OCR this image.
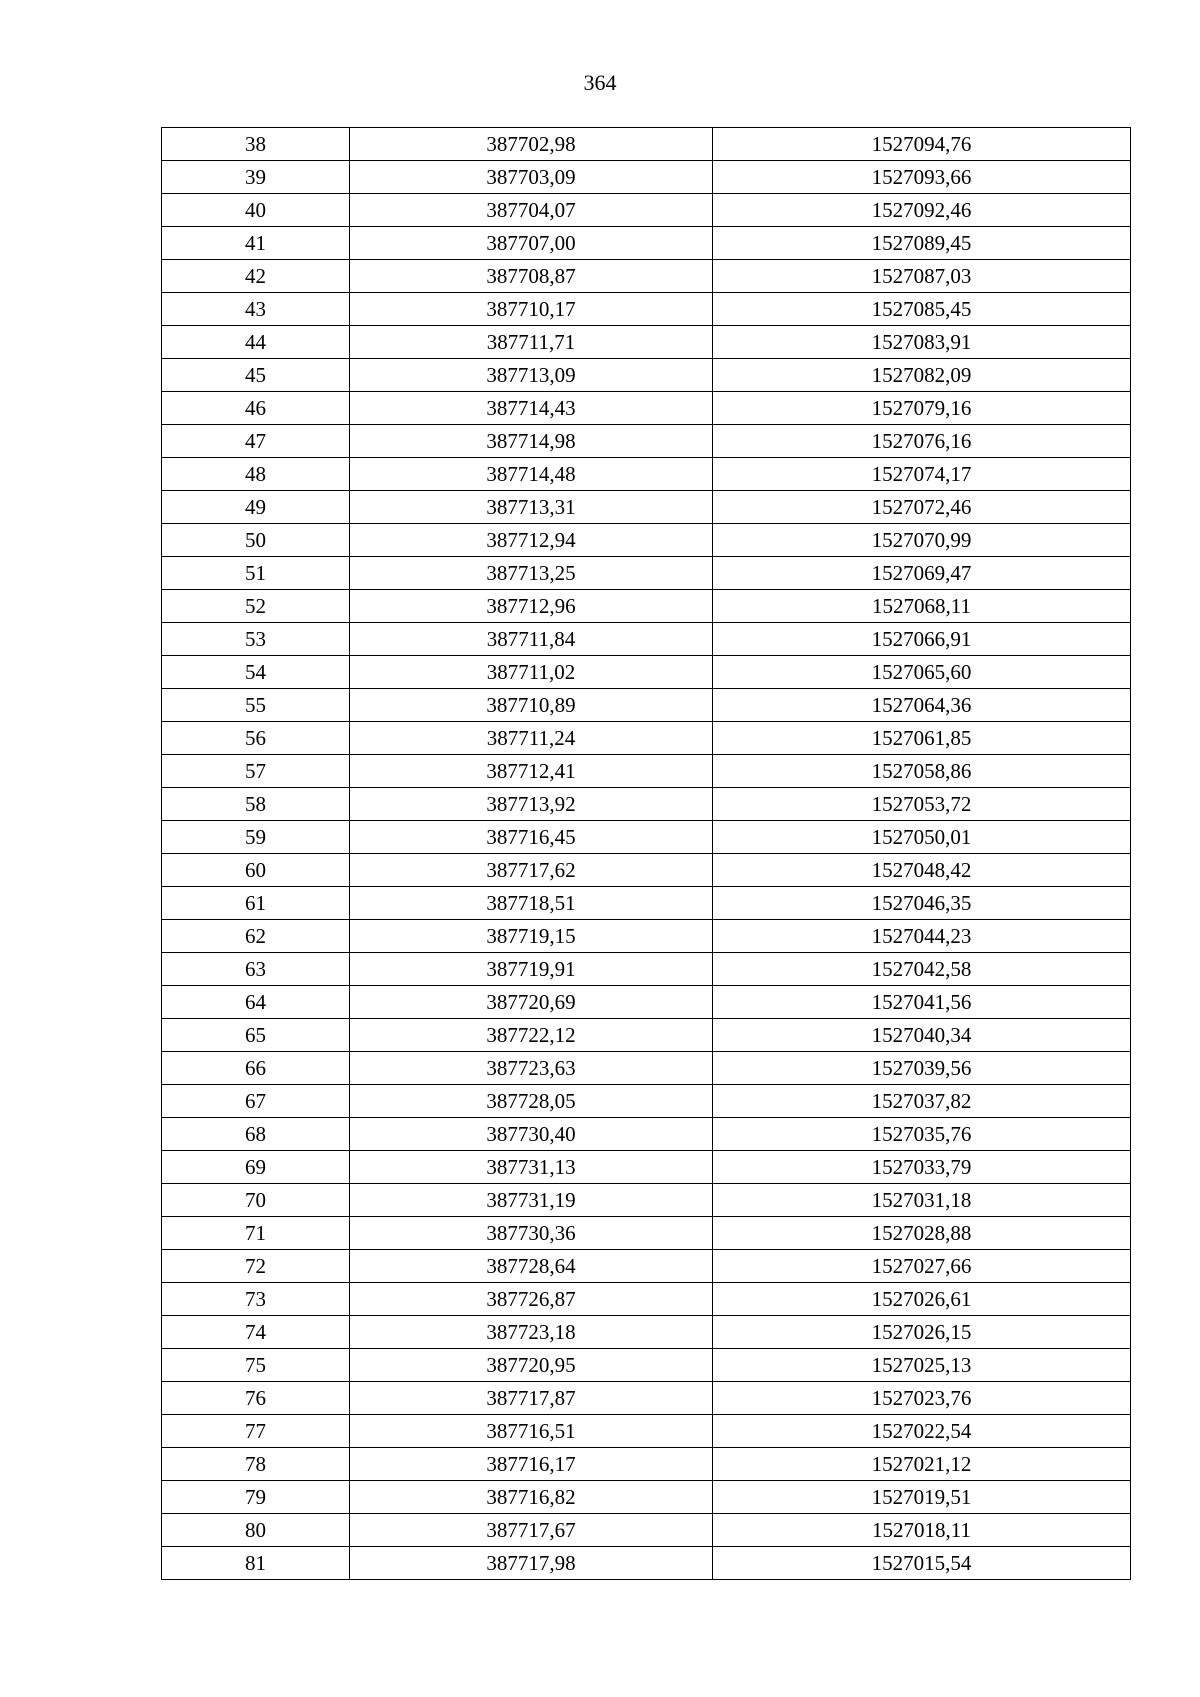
364
38	387702,98	1527094,76
39	387703,09	1527093,66
40	387704,07	1527092,46
41	387707,00	1527089,45
42	387708,87	1527087,03
43	387710,17	1527085,45
44	387711,71	1527083,91
45	387713,09	1527082,09
46	387714,43	1527079,16
47	387714,98	1527076,16
48	387714,48	1527074,17
49	387713,31	1527072,46
50	387712,94	1527070,99
51	387713,25	1527069,47
52	387712,96	1527068,11
53	387711,84	1527066,91
54	387711,02	1527065,60
55	387710,89	1527064,36
56	387711,24	1527061,85
57	387712,41	1527058,86
58	387713,92	1527053,72
59	387716,45	1527050,01
60	387717,62	1527048,42
61	387718,51	1527046,35
62	387719,15	1527044,23
63	387719,91	1527042,58
64	387720,69	1527041,56
65	387722,12	1527040,34
66	387723,63	1527039,56
67	387728,05	1527037,82
68	387730,40	1527035,76
69	387731,13	1527033,79
70	387731,19	1527031,18
71	387730,36	1527028,88
72	387728,64	1527027,66
73	387726,87	1527026,61
74	387723,18	1527026,15
75	387720,95	1527025,13
76	387717,87	1527023,76
77	387716,51	1527022,54
78	387716,17	1527021,12
79	387716,82	1527019,51
80	387717,67	1527018,11
81	387717,98	1527015,54
